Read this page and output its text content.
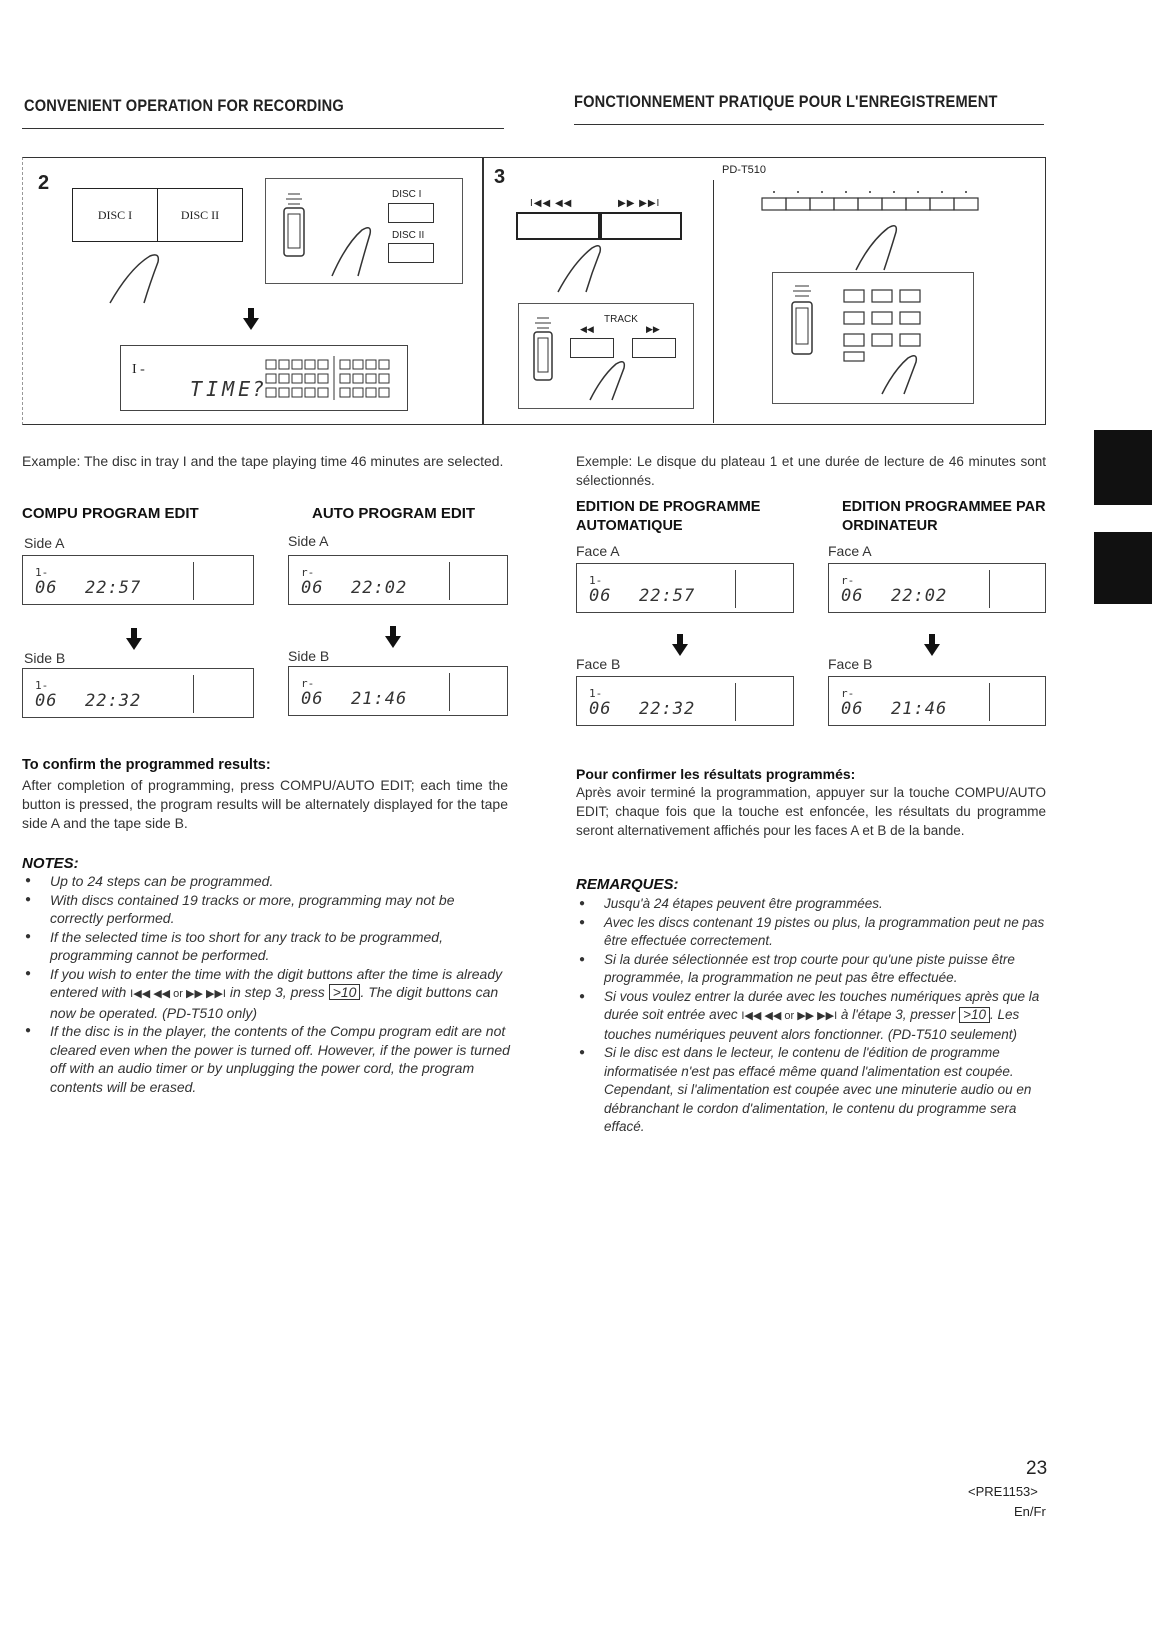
CONVENIENT OPERATION FOR RECORDING	FONCTIONNEMENT PRATIQUE POUR L'ENREGISTREMENT
2
DISC I	DISC II
DISC I
DISC II
I -
TIME
?
3
I◀◀ ◀◀	▶▶ ▶▶I
TRACK
◀◀	▶▶
PD-T510
Example: The disc in tray I and the tape playing time 46 minutes are selected.
COMPU PROGRAM EDIT	AUTO PROGRAM EDIT
Side A	Side A
1-
06 22:57
r-
06 22:02
Side B	Side B
1-
06 22:32
r-
06 21:46
To confirm the programmed results:
After completion of programming, press COMPU/AUTO EDIT; each time the button is pressed, the program results will be alternately displayed for the tape side A and the tape side B.
NOTES:
● Up to 24 steps can be programmed.
● With discs contained 19 tracks or more, programming may not be correctly performed.
● If the selected time is too short for any track to be programmed, programming cannot be performed.
● If you wish to enter the time with the digit buttons after the time is already entered with I◀◀ ◀◀ or ▶▶ ▶▶I in step 3, press >10 . The digit buttons can now be operated. (PD-T510 only)
● If the disc is in the player, the contents of the Compu program edit are not cleared even when the power is turned off. However, if the power is turned off with an audio timer or by unplugging the power cord, the program contents will be erased.
Exemple: Le disque du plateau 1 et une durée de lecture de 46 minutes sont sélectionnés.
EDITION DE PROGRAMME AUTOMATIQUE
EDITION PROGRAMMEE PAR ORDINATEUR
Face A	Face A
1-
06 22:57
r-
06 22:02
Face B	Face B
1-
06 22:32
r-
06 21:46
Pour confirmer les résultats programmés:
Après avoir terminé la programmation, appuyer sur la touche COMPU/AUTO EDIT; chaque fois que la touche est enfoncée, les résultats du programme seront alternativement affichés pour les faces A et B de la bande.
REMARQUES:
● Jusqu'à 24 étapes peuvent être programmées.
● Avec les discs contenant 19 pistes ou plus, la programmation peut ne pas être effectuée correctement.
● Si la durée sélectionnée est trop courte pour qu'une piste puisse être programmée, la programmation ne peut pas être effectuée.
● Si vous voulez entrer la durée avec les touches numériques après que la durée soit entrée avec I◀◀ ◀◀ or ▶▶ ▶▶I à l'étape 3, presser >10 . Les touches numériques peuvent alors fonctionner. (PD-T510 seulement)
● Si le disc est dans le lecteur, le contenu de l'édition de programme informatisée n'est pas effacé même quand l'alimentation est coupée.
Cependant, si l'alimentation est coupée avec une minuterie audio ou en débranchant le cordon d'alimentation, le contenu du programme sera effacé.
23
<PRE1153>
En/Fr
